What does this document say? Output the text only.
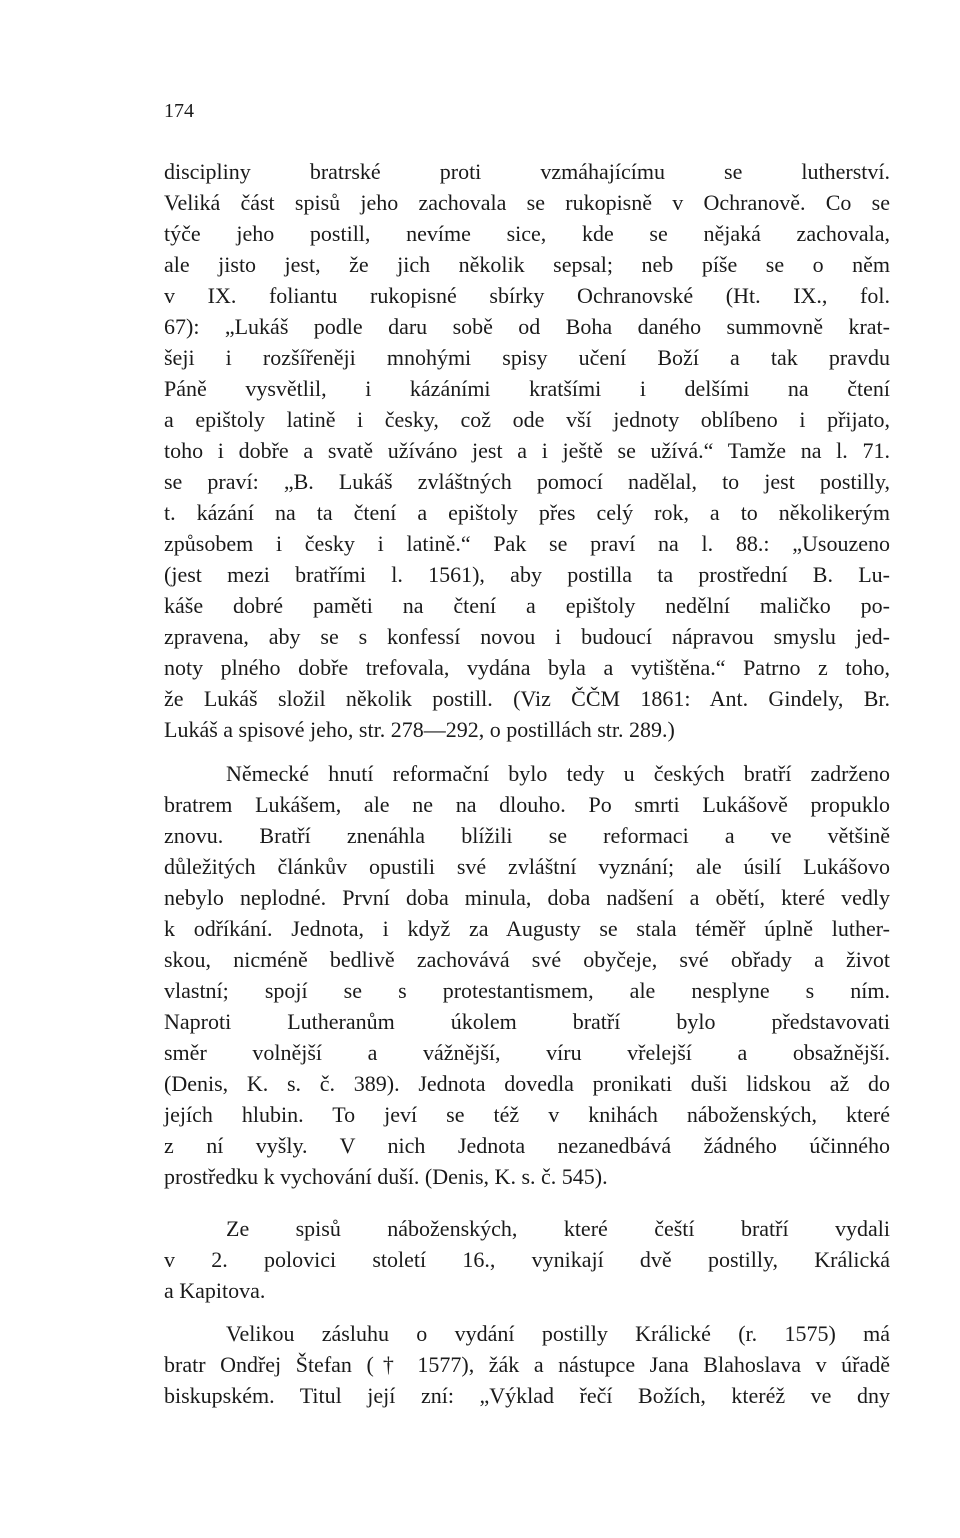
174
discipliny bratrské proti vzmáhajícímu se lutherství.
Veliká část spisů jeho zachovala se rukopisně v Ochranově. Co se
týče jeho postill, nevíme sice, kde se nějaká zachovala,
ale jisto jest, že jich několik sepsal; neb píše se o něm
v IX. foliantu rukopisné sbírky Ochranovské (Ht. IX., fol.
67): „Lukáš podle daru sobě od Boha daného summovně krat-
šeji i rozšířeněji mnohými spisy učení Boží a tak pravdu
Páně vysvětlil, i kázáními kratšími i delšími na čtení
a epištoly latině i česky, což ode vší jednoty oblíbeno i přijato,
toho i dobře a svatě užíváno jest a i ještě se užívá.“ Tamže na l. 71.
se praví: „B. Lukáš zvláštných pomocí nadělal, to jest postilly,
t. kázání na ta čtení a epištoly přes celý rok, a to několikerým
způsobem i česky i latině.“ Pak se praví na l. 88.: „Usouzeno
(jest mezi bratřími l. 1561), aby postilla ta prostřední B. Lu-
káše dobré paměti na čtení a epištoly nedělní maličko po-
zpravena, aby se s konfessí novou i budoucí nápravou smyslu jed-
noty plného dobře trefovala, vydána byla a vytištěna.“ Patrno z toho,
že Lukáš složil několik postill. (Viz ČČM 1861: Ant. Gindely, Br.
Lukáš a spisové jeho, str. 278—292, o postillách str. 289.)
Německé hnutí reformační bylo tedy u českých bratří zadrženo
bratrem Lukášem, ale ne na dlouho. Po smrti Lukášově propuklo
znovu. Bratří znenáhla blížili se reformaci a ve většině
důležitých článkův opustili své zvláštní vyznání; ale úsilí Lukášovo
nebylo neplodné. První doba minula, doba nadšení a obětí, které vedly
k odříkání. Jednota, i když za Augusty se stala téměř úplně luther-
skou, nicméně bedlivě zachovává své obyčeje, své obřady a život
vlastní; spojí se s protestantismem, ale nesplyne s ním.
Naproti Lutheranům úkolem bratří bylo představovati
směr volnější a vážnější, víru vřelejší a obsažnější.
(Denis, K. s. č. 389). Jednota dovedla pronikati duši lidskou až do
jejích hlubin. To jeví se též v knihách náboženských, které
z ní vyšly. V nich Jednota nezanedbává žádného účinného
prostředku k vychování duší. (Denis, K. s. č. 545).
Ze spisů náboženských, které čeští bratří vydali
v 2. polovici století 16., vynikají dvě postilly, Králická
a Kapitova.
Velikou zásluhu o vydání postilly Králické (r. 1575) má
bratr Ondřej Štefan († 1577), žák a nástupce Jana Blahoslava v úřadě
biskupském. Titul její zní: „Výklad řečí Božích, kteréž ve dny
